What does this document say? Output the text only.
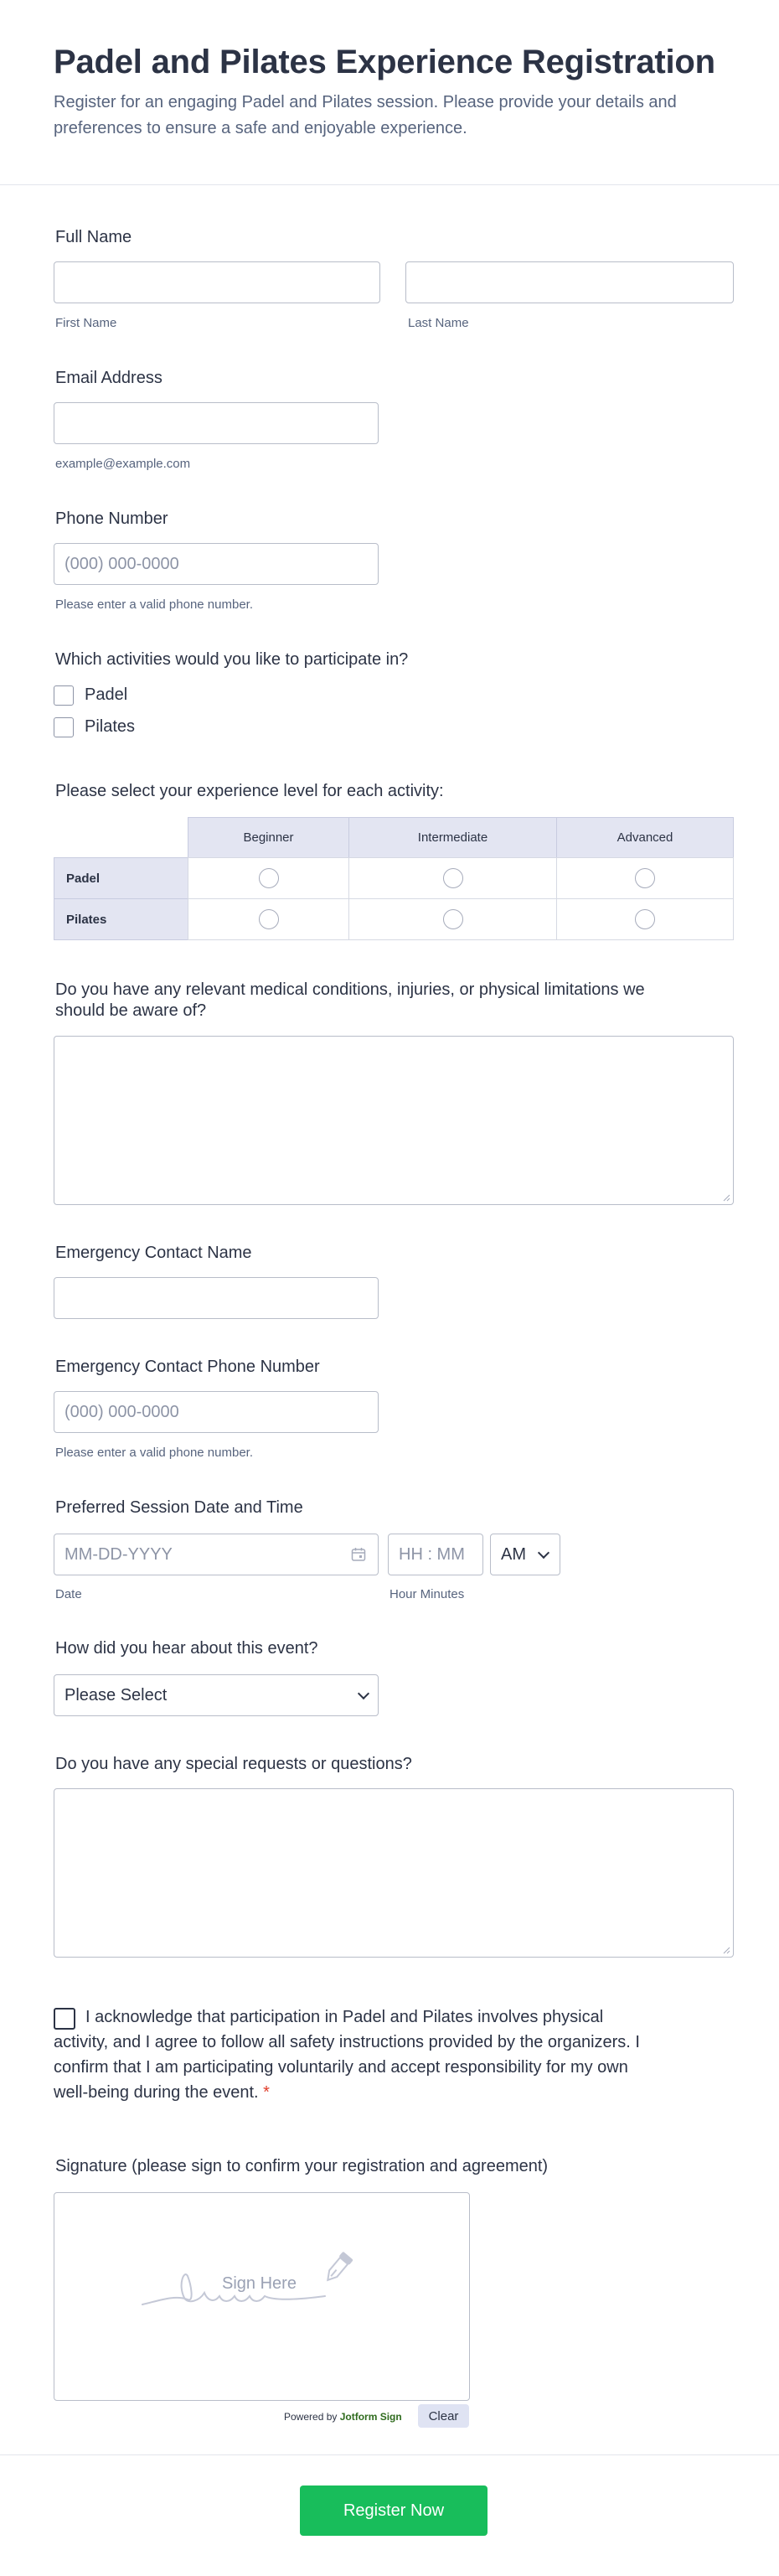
Padel and Pilates Experience Registration
Register for an engaging Padel and Pilates session. Please provide your details and preferences to ensure a safe and enjoyable experience.
Full Name
First Name	Last Name
Email Address
example@example.com
Phone Number
(000) 000-0000
Please enter a valid phone number.
Which activities would you like to participate in?
Padel
Pilates
Please select your experience level for each activity:
Beginner	Intermediate	Advanced
Padel
Pilates
Do you have any relevant medical conditions, injuries, or physical limitations we
should be aware of?
Emergency Contact Name
Emergency Contact Phone Number
(000) 000-0000
Please enter a valid phone number.
Preferred Session Date and Time
MM-DD-YYYY
HH : MM
AM
Date	Hour Minutes
How did you hear about this event?
Please Select
Do you have any special requests or questions?
I acknowledge that participation in Padel and Pilates involves physical activity, and I agree to follow all safety instructions provided by the organizers. I confirm that I am participating voluntarily and accept responsibility for my own well-being during the event. *
Signature (please sign to confirm your registration and agreement)
Sign Here
Powered by Jotform Sign	Clear
Register Now
